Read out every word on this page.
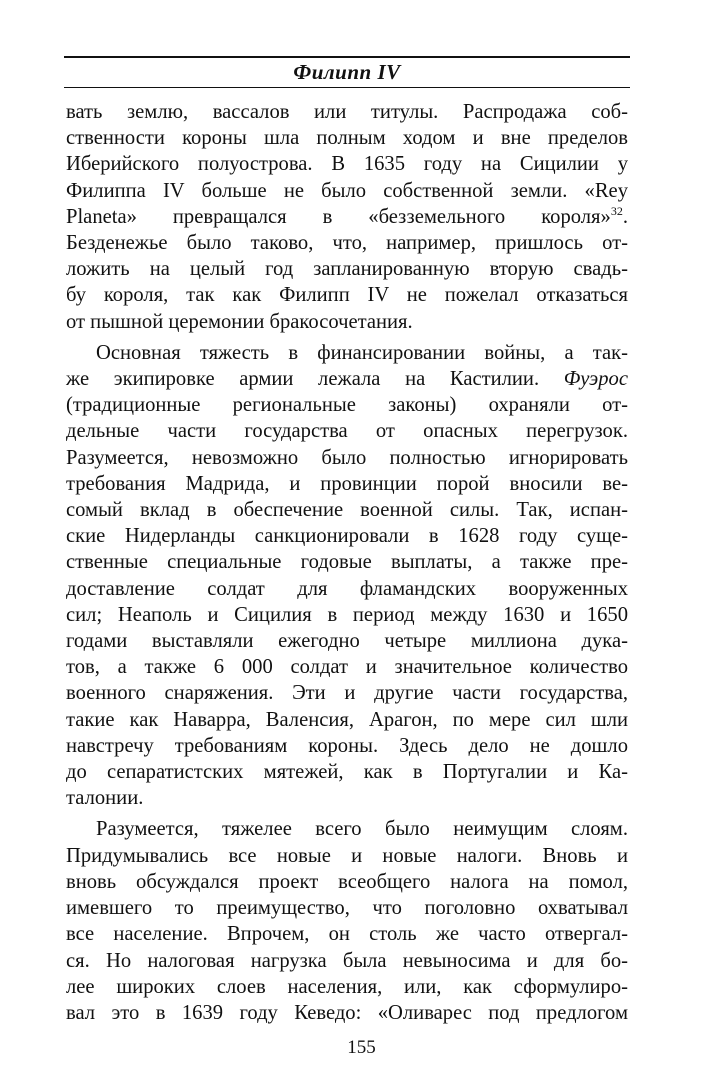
Филипп IV
вать землю, вассалов или титулы. Распродажа соб-
ственности короны шла полным ходом и вне пределов
Иберийского полуострова. В 1635 году на Сицилии у
Филиппа IV больше не было собственной земли. «Rey
Planeta» превращался в «безземельного короля»$^{32}$.
Безденежье было таково, что, например, пришлось от-
ложить на целый год запланированную вторую свадь-
бу короля, так как Филипп IV не пожелал отказаться
от пышной церемонии бракосочетания.
Основная тяжесть в финансировании войны, а так-
же экипировке армии лежала на Кастилии. Фуэрос
(традиционные региональные законы) охраняли от-
дельные части государства от опасных перегрузок.
Разумеется, невозможно было полностью игнорировать
требования Мадрида, и провинции порой вносили ве-
сомый вклад в обеспечение военной силы. Так, испан-
ские Нидерланды санкционировали в 1628 году суще-
ственные специальные годовые выплаты, а также пре-
доставление солдат для фламандских вооруженных
сил; Неаполь и Сицилия в период между 1630 и 1650
годами выставляли ежегодно четыре миллиона дука-
тов, а также 6 000 солдат и значительное количество
военного снаряжения. Эти и другие части государства,
такие как Наварра, Валенсия, Арагон, по мере сил шли
навстречу требованиям короны. Здесь дело не дошло
до сепаратистских мятежей, как в Португалии и Ка-
талонии.
Разумеется, тяжелее всего было неимущим слоям.
Придумывались все новые и новые налоги. Вновь и
вновь обсуждался проект всеобщего налога на помол,
имевшего то преимущество, что поголовно охватывал
все население. Впрочем, он столь же часто отвергал-
ся. Но налоговая нагрузка была невыносима и для бо-
лее широких слоев населения, или, как сформулиро-
вал это в 1639 году Кеведо: «Оливарес под предлогом
155
